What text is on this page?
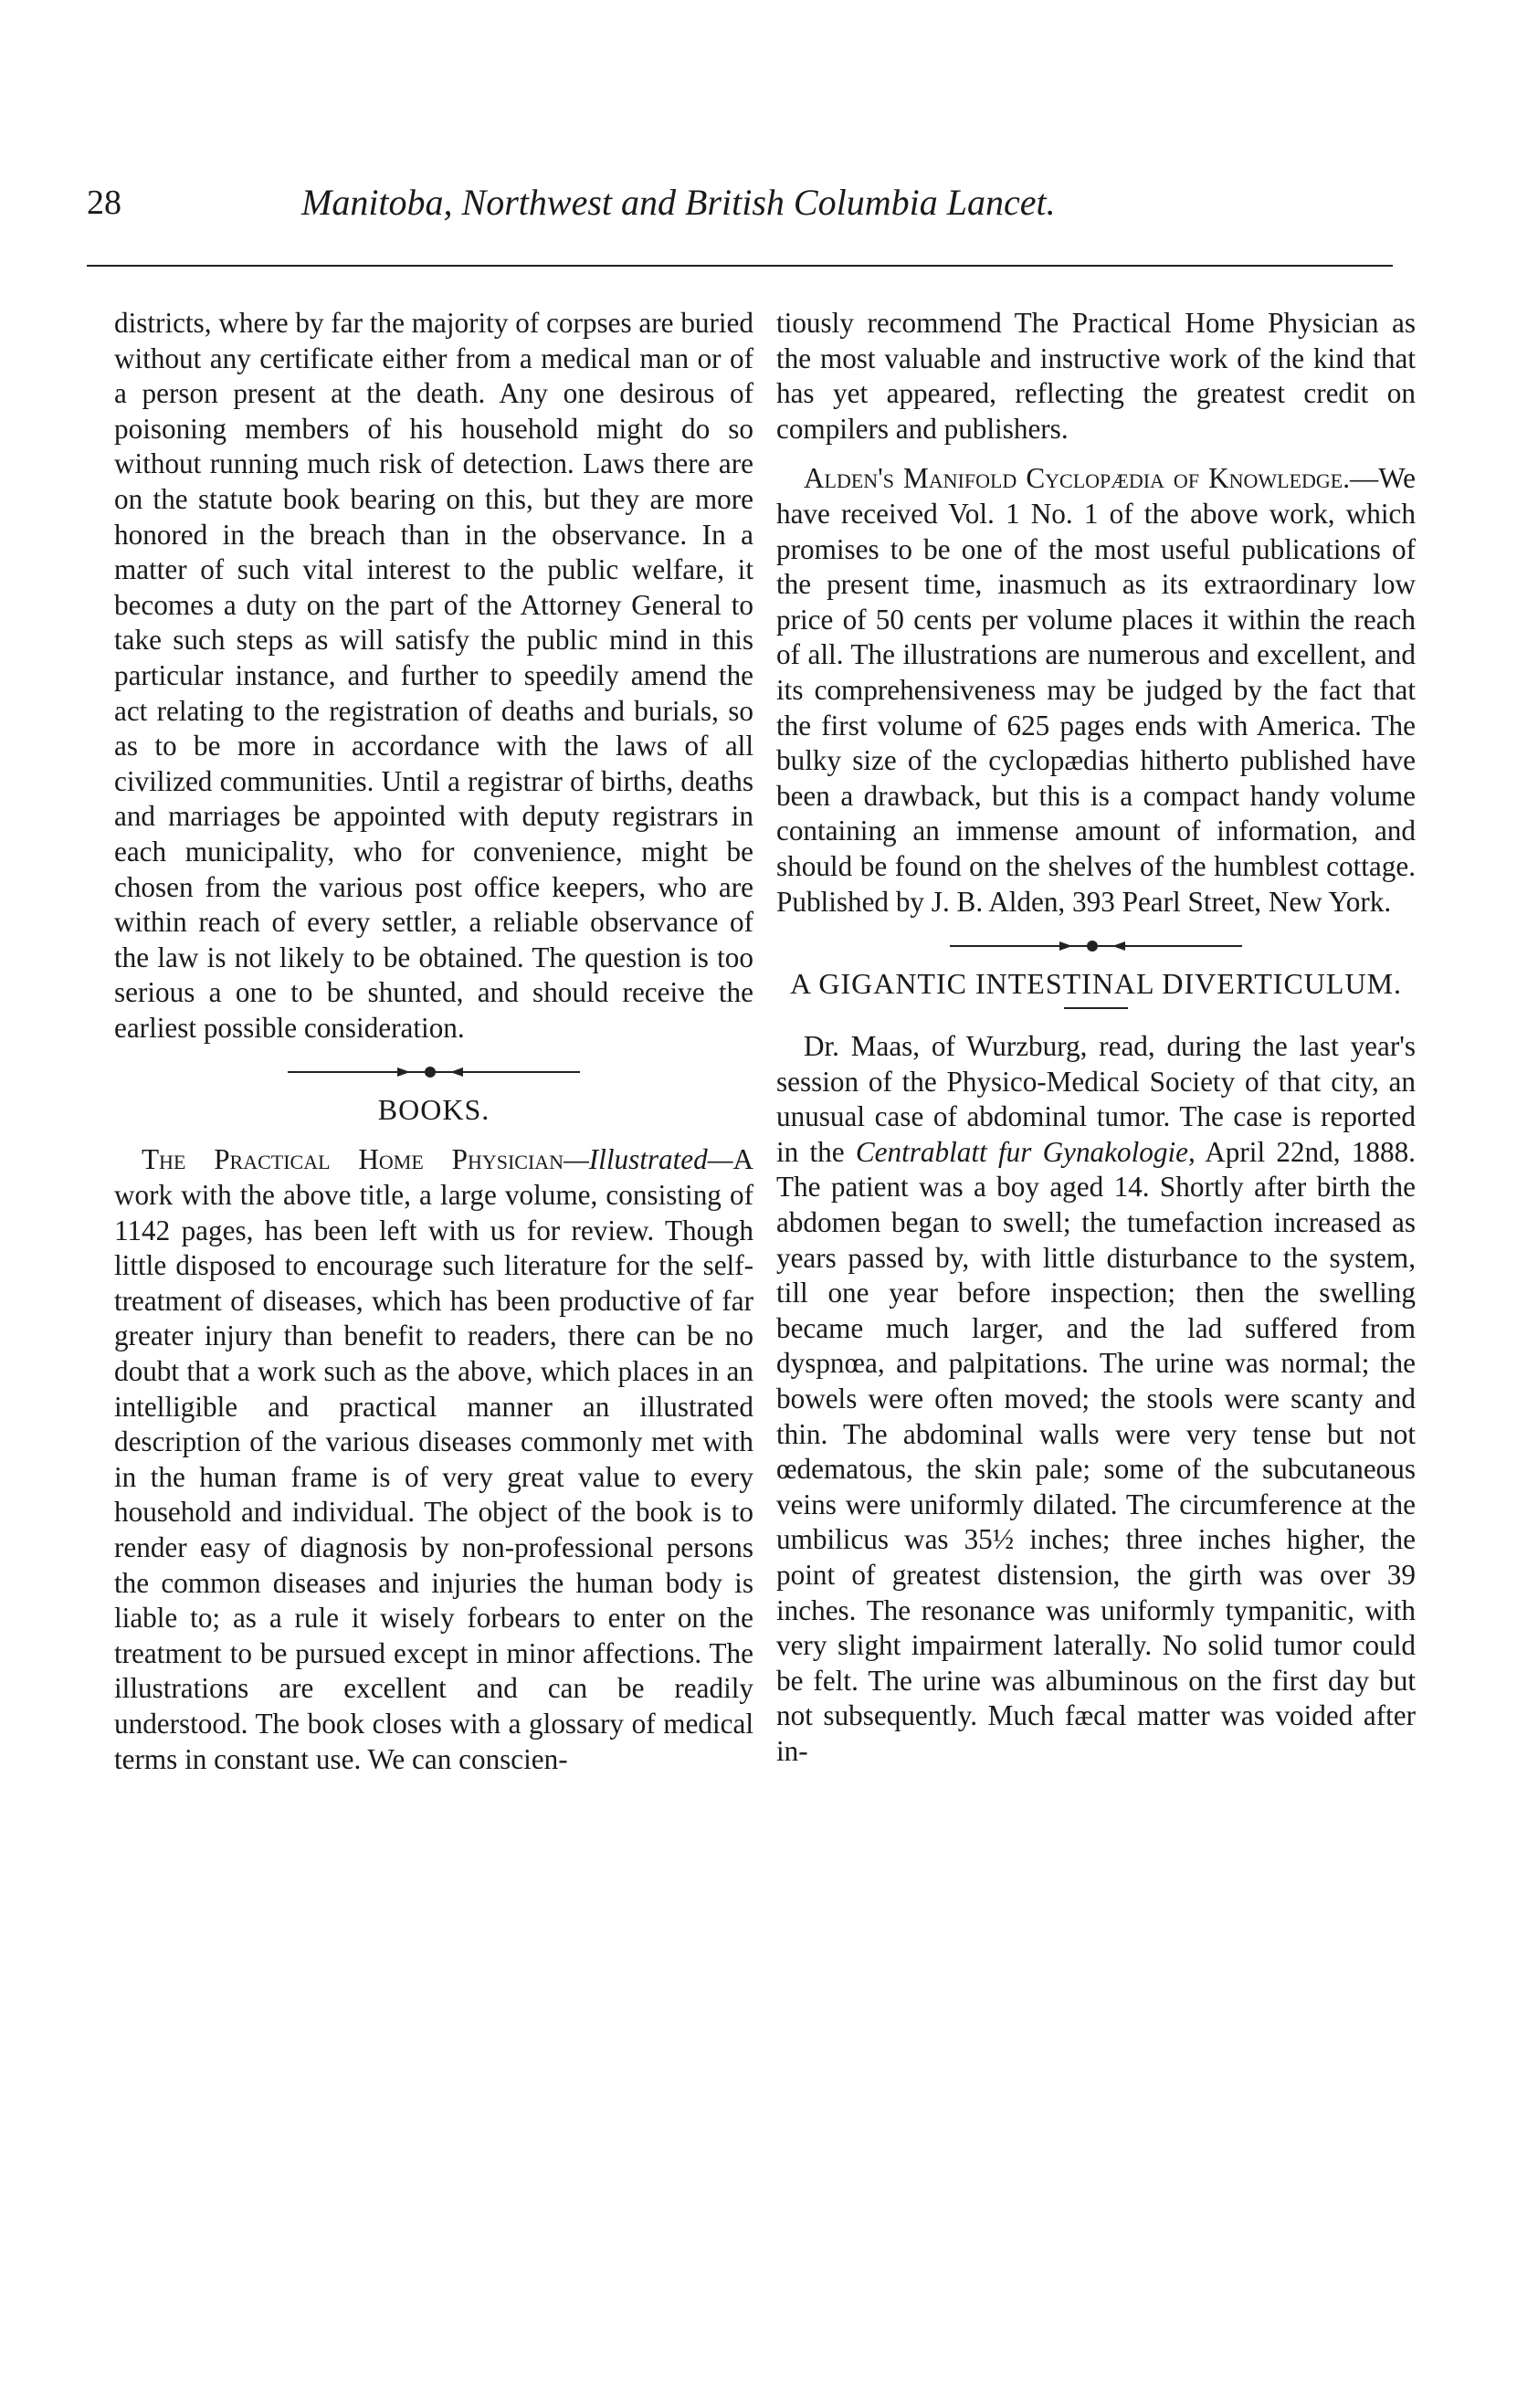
28	Manitoba, Northwest and British Columbia Lancet.

districts, where by far the majority of corpses are buried without any certificate either from a medical man or of a person present at the death. Any one desirous of poisoning members of his household might do so without running much risk of detection. Laws there are on the statute book bearing on this, but they are more honored in the breach than in the observance. In a matter of such vital interest to the public welfare, it becomes a duty on the part of the Attorney General to take such steps as will satisfy the public mind in this particular instance, and further to speedily amend the act relating to the registration of deaths and burials, so as to be more in accordance with the laws of all civilized communities. Until a registrar of births, deaths and marriages be appointed with deputy registrars in each municipality, who for convenience, might be chosen from the various post office keepers, who are within reach of every settler, a reliable observance of the law is not likely to be obtained. The question is too serious a one to be shunted, and should receive the earliest possible consideration.

BOOKS.

The Practical Home Physician—Illustrated—A work with the above title, a large volume, consisting of 1142 pages, has been left with us for review. Though little disposed to encourage such literature for the self-treatment of diseases, which has been productive of far greater injury than benefit to readers, there can be no doubt that a work such as the above, which places in an intelligible and practical manner an illustrated description of the various diseases commonly met with in the human frame is of very great value to every household and individual. The object of the book is to render easy of diagnosis by non-professional persons the common diseases and injuries the human body is liable to; as a rule it wisely forbears to enter on the treatment to be pursued except in minor affections. The illustrations are excellent and can be readily understood. The book closes with a glossary of medical terms in constant use. We can conscien-

tiously recommend The Practical Home Physician as the most valuable and instructive work of the kind that has yet appeared, reflecting the greatest credit on compilers and publishers.

Alden's Manifold Cyclopædia of Knowledge.—We have received Vol. 1 No. 1 of the above work, which promises to be one of the most useful publications of the present time, inasmuch as its extraordinary low price of 50 cents per volume places it within the reach of all. The illustrations are numerous and excellent, and its comprehensiveness may be judged by the fact that the first volume of 625 pages ends with America. The bulky size of the cyclopædias hitherto published have been a drawback, but this is a compact handy volume containing an immense amount of information, and should be found on the shelves of the humblest cottage. Published by J. B. Alden, 393 Pearl Street, New York.

A GIGANTIC INTESTINAL DIVERTICULUM.

Dr. Maas, of Wurzburg, read, during the last year's session of the Physico-Medical Society of that city, an unusual case of abdominal tumor. The case is reported in the Centrablatt fur Gynakologie, April 22nd, 1888. The patient was a boy aged 14. Shortly after birth the abdomen began to swell; the tumefaction increased as years passed by, with little disturbance to the system, till one year before inspection; then the swelling became much larger, and the lad suffered from dyspnœa, and palpitations. The urine was normal; the bowels were often moved; the stools were scanty and thin. The abdominal walls were very tense but not œdematous, the skin pale; some of the subcutaneous veins were uniformly dilated. The circumference at the umbilicus was 35½ inches; three inches higher, the point of greatest distension, the girth was over 39 inches. The resonance was uniformly tympanitic, with very slight impairment laterally. No solid tumor could be felt. The urine was albuminous on the first day but not subsequently. Much fæcal matter was voided after in-
